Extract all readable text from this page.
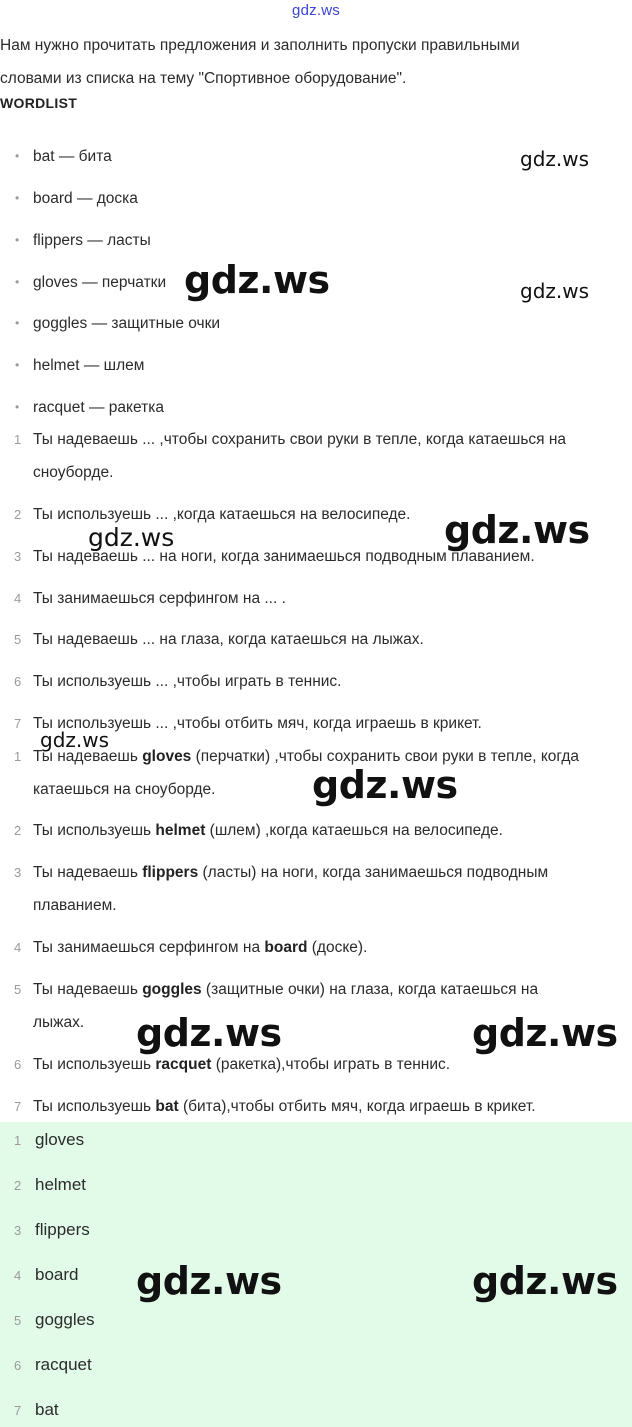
gdz.ws
Нам нужно прочитать предложения и заполнить пропуски правильными
словами из списка на тему "Спортивное оборудование".
WORDLIST
• bat — бита
• board — доска
• flippers — ласты
• gloves — перчатки
• goggles — защитные очки
• helmet — шлем
• racquet — ракетка
1 Ты надеваешь ... ,чтобы сохранить свои руки в тепле, когда катаешься на
сноуборде.
2 Ты используешь ... ,когда катаешься на велосипеде.
3 Ты надеваешь ... на ноги, когда занимаешься подводным плаванием.
4 Ты занимаешься серфингом на ... .
5 Ты надеваешь ... на глаза, когда катаешься на лыжах.
6 Ты используешь ... ,чтобы играть в теннис.
7 Ты используешь ... ,чтобы отбить мяч, когда играешь в крикет.
1 Ты надеваешь gloves (перчатки) ,чтобы сохранить свои руки в тепле, когда
катаешься на сноуборде.
2 Ты используешь helmet (шлем) ,когда катаешься на велосипеде.
3 Ты надеваешь flippers (ласты) на ноги, когда занимаешься подводным
плаванием.
4 Ты занимаешься серфингом на board (доске).
5 Ты надеваешь goggles (защитные очки) на глаза, когда катаешься на
лыжах.
6 Ты используешь racquet (ракетка),чтобы играть в теннис.
7 Ты используешь bat (бита),чтобы отбить мяч, когда играешь в крикет.
1 gloves
2 helmet
3 flippers
4 board
5 goggles
6 racquet
7 bat
gdz.ws
gdz.ws	gdz.ws
gdz.ws
gdz.ws
gdz.ws
gdz.ws
gdz.ws	gdz.ws
gdz.ws	gdz.ws
